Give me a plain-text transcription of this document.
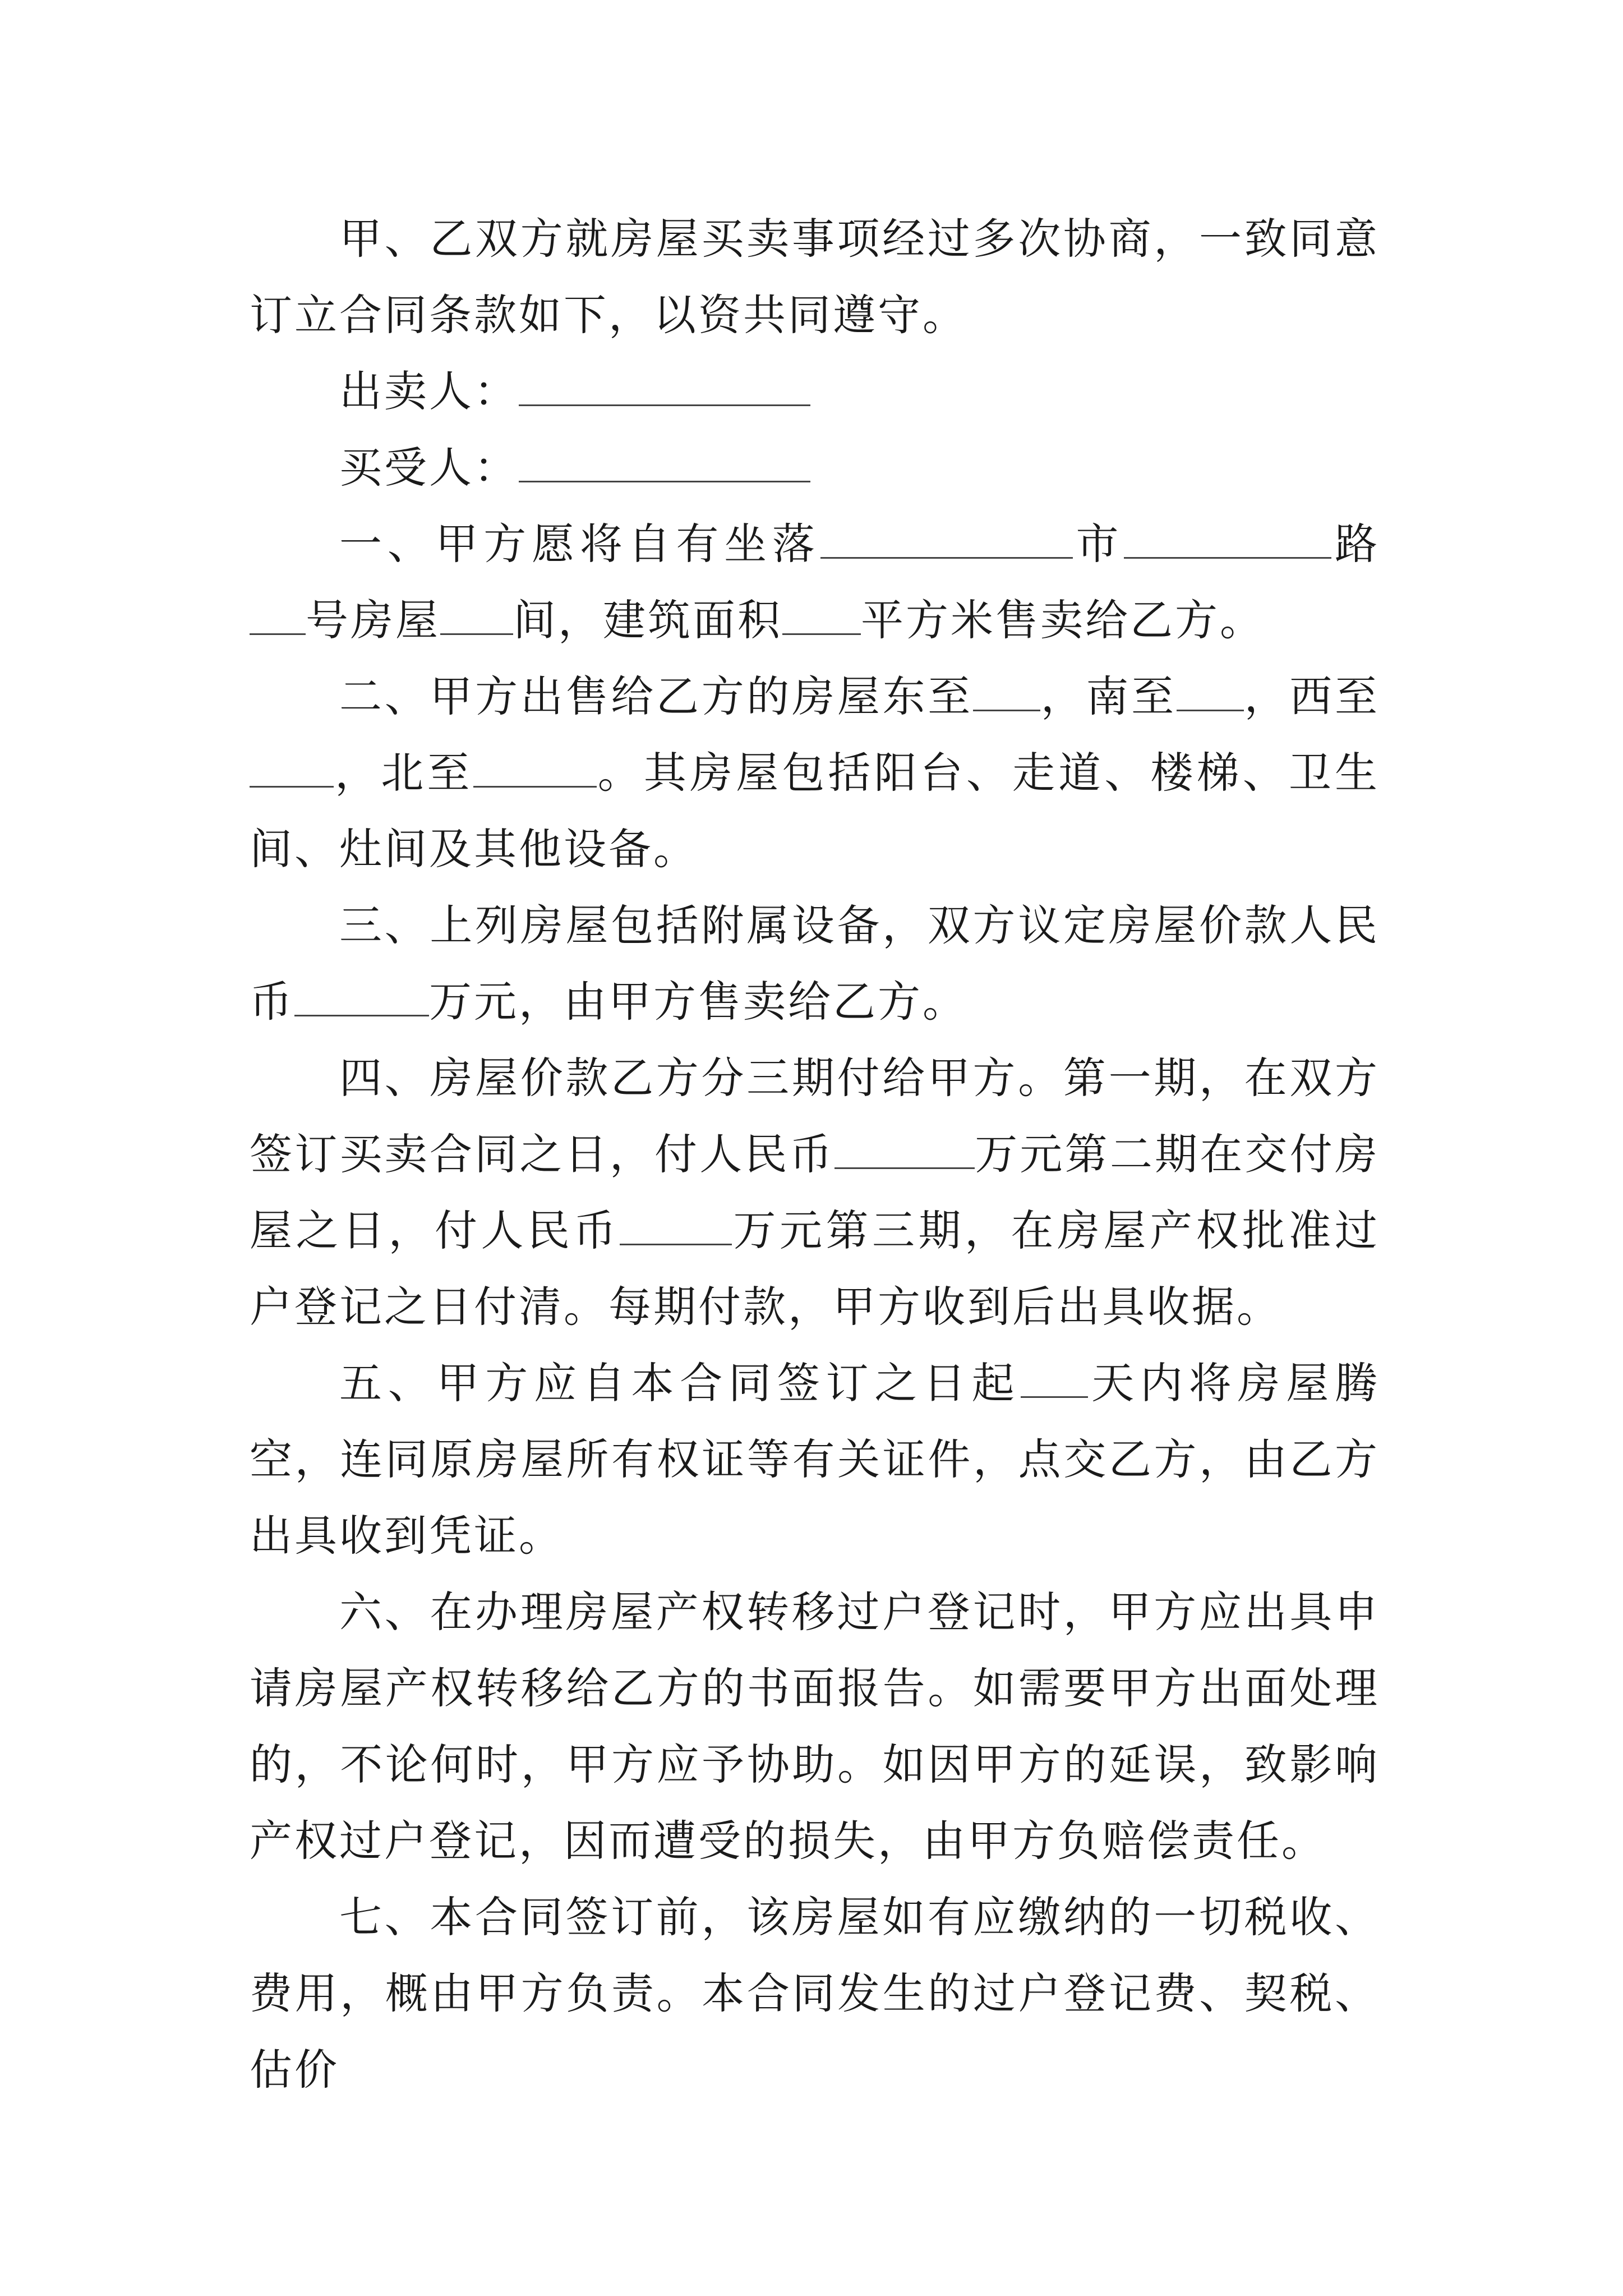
甲、乙双方就房屋买卖事项经过多次协商，一致同意订立合同条款如下，以资共同遵守。

出卖人：

买受人：

一、甲方愿将自有坐落	市	路号房屋 间，建筑面积 平方米售卖给乙方。

二、甲方出售给乙方的房屋东至 ，南至 ，西至，北至	。其房屋包括阳台、走道、楼梯、卫生间、灶间及其他设备。

三、上列房屋包括附属设备，双方议定房屋价款人民币	万元，由甲方售卖给乙方。

四、房屋价款乙方分三期付给甲方。第一期，在双方签订买卖合同之日，付人民币	万元第二期在交付房屋之日，付人民币	万元第三期，在房屋产权批准过户登记之日付清。每期付款，甲方收到后出具收据。

五、甲方应自本合同签订之日起 天内将房屋腾空，连同原房屋所有权证等有关证件，点交乙方，由乙方出具收到凭证。

六、在办理房屋产权转移过户登记时，甲方应出具申请房屋产权转移给乙方的书面报告。如需要甲方出面处理的，不论何时，甲方应予协助。如因甲方的延误，致影响产权过户登记，因而遭受的损失，由甲方负赔偿责任。

七、本合同签订前，该房屋如有应缴纳的一切税收、费用，概由甲方负责。本合同发生的过户登记费、契税、估价
